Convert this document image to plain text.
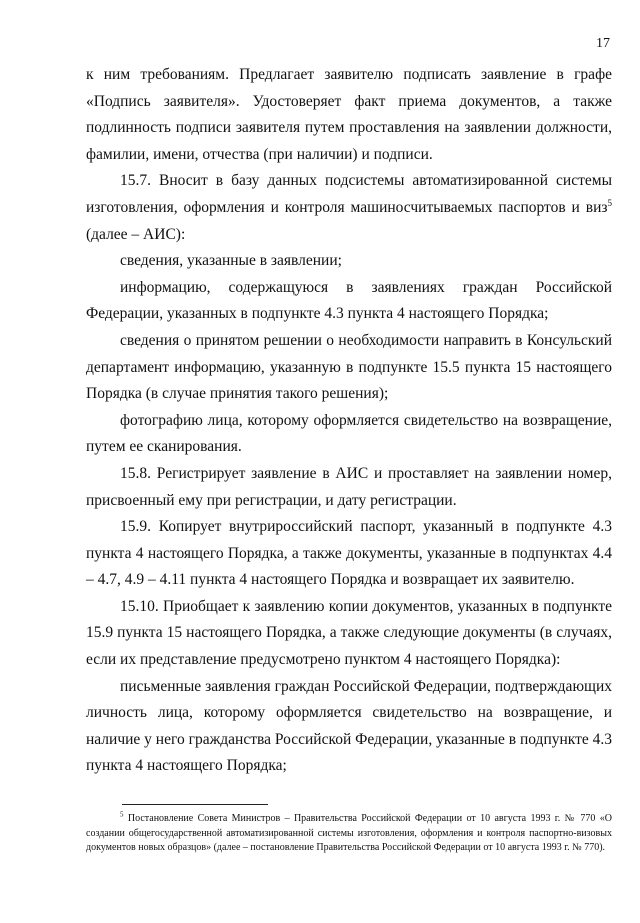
17

к ним требованиям. Предлагает заявителю подписать заявление в графе «Подпись заявителя». Удостоверяет факт приема документов, а также подлинность подписи заявителя путем проставления на заявлении должности, фамилии, имени, отчества (при наличии) и подписи.

15.7. Вносит в базу данных подсистемы автоматизированной системы изготовления, оформления и контроля машиносчитываемых паспортов и виз$^5$ (далее – АИС):

сведения, указанные в заявлении;

информацию, содержащуюся в заявлениях граждан Российской Федерации, указанных в подпункте 4.3 пункта 4 настоящего Порядка;

сведения о принятом решении о необходимости направить в Консульский департамент информацию, указанную в подпункте 15.5 пункта 15 настоящего Порядка (в случае принятия такого решения);

фотографию лица, которому оформляется свидетельство на возвращение, путем ее сканирования.

15.8. Регистрирует заявление в АИС и проставляет на заявлении номер, присвоенный ему при регистрации, и дату регистрации.

15.9. Копирует внутрироссийский паспорт, указанный в подпункте 4.3 пункта 4 настоящего Порядка, а также документы, указанные в подпунктах 4.4 – 4.7, 4.9 – 4.11 пункта 4 настоящего Порядка и возвращает их заявителю.

15.10. Приобщает к заявлению копии документов, указанных в подпункте 15.9 пункта 15 настоящего Порядка, а также следующие документы (в случаях, если их представление предусмотрено пунктом 4 настоящего Порядка):

письменные заявления граждан Российской Федерации, подтверждающих личность лица, которому оформляется свидетельство на возвращение, и наличие у него гражданства Российской Федерации, указанные в подпункте 4.3 пункта 4 настоящего Порядка;

$^5$ Постановление Совета Министров – Правительства Российской Федерации от 10 августа 1993 г. № 770 «О создании общегосударственной автоматизированной системы изготовления, оформления и контроля паспортно-визовых документов новых образцов» (далее – постановление Правительства Российской Федерации от 10 августа 1993 г. № 770).
